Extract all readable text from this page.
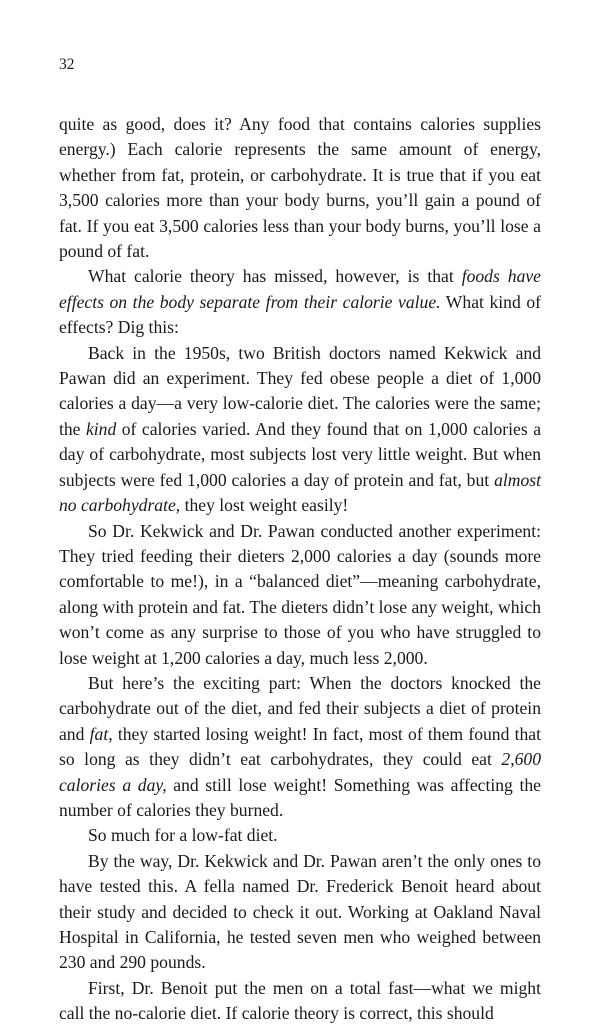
32

quite as good, does it? Any food that contains calories supplies energy.) Each calorie represents the same amount of energy, whether from fat, protein, or carbohydrate. It is true that if you eat 3,500 calories more than your body burns, you’ll gain a pound of fat. If you eat 3,500 calories less than your body burns, you’ll lose a pound of fat.

What calorie theory has missed, however, is that foods have effects on the body separate from their calorie value. What kind of effects? Dig this:

Back in the 1950s, two British doctors named Kekwick and Pawan did an experiment. They fed obese people a diet of 1,000 calories a day—a very low-calorie diet. The calories were the same; the kind of calories varied. And they found that on 1,000 calories a day of carbohydrate, most subjects lost very little weight. But when subjects were fed 1,000 calories a day of protein and fat, but almost no carbohydrate, they lost weight easily!

So Dr. Kekwick and Dr. Pawan conducted another experiment: They tried feeding their dieters 2,000 calories a day (sounds more comfortable to me!), in a “balanced diet”—meaning carbohydrate, along with protein and fat. The dieters didn’t lose any weight, which won’t come as any surprise to those of you who have struggled to lose weight at 1,200 calories a day, much less 2,000.

But here’s the exciting part: When the doctors knocked the carbohydrate out of the diet, and fed their subjects a diet of protein and fat, they started losing weight! In fact, most of them found that so long as they didn’t eat carbohydrates, they could eat 2,600 calories a day, and still lose weight! Something was affecting the number of calories they burned.

So much for a low-fat diet.

By the way, Dr. Kekwick and Dr. Pawan aren’t the only ones to have tested this. A fella named Dr. Frederick Benoit heard about their study and decided to check it out. Working at Oakland Naval Hospital in California, he tested seven men who weighed between 230 and 290 pounds.

First, Dr. Benoit put the men on a total fast—what we might call the no-calorie diet. If calorie theory is correct, this should
